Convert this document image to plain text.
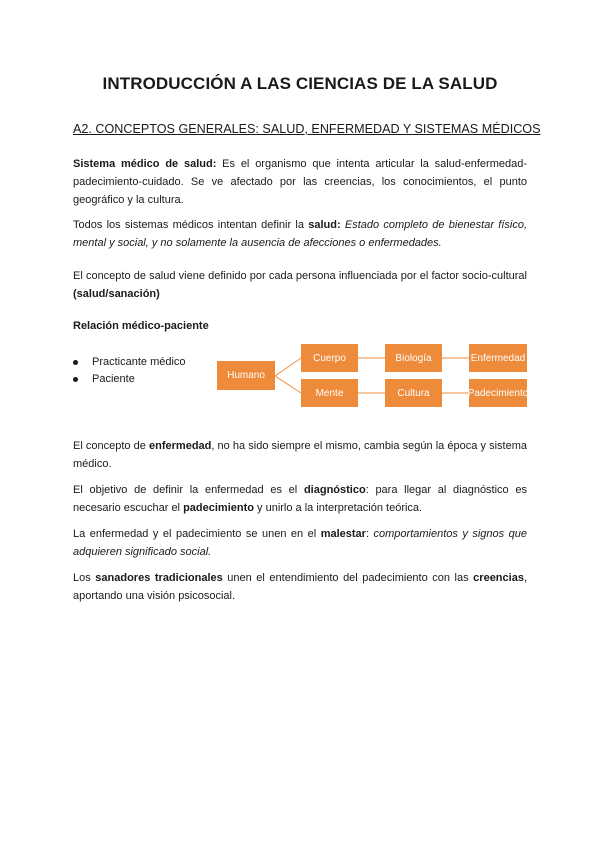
INTRODUCCIÓN A LAS CIENCIAS DE LA SALUD
A2. CONCEPTOS GENERALES: SALUD, ENFERMEDAD Y SISTEMAS MÉDICOS
Sistema médico de salud: Es el organismo que intenta articular la salud-enfermedad-padecimiento-cuidado. Se ve afectado por las creencias, los conocimientos, el punto geográfico y la cultura.
Todos los sistemas médicos intentan definir la salud: Estado completo de bienestar físico, mental y social, y no solamente la ausencia de afecciones o enfermedades.
El concepto de salud viene definido por cada persona influenciada por el factor socio-cultural (salud/sanación)
Relación médico-paciente
Practicante médico
Paciente	Humano
Cuerpo
Mente
Biología
Cultura
Enfermedad
Padecimiento
El concepto de enfermedad, no ha sido siempre el mismo, cambia según la época y sistema médico.
El objetivo de definir la enfermedad es el diagnóstico: para llegar al diagnóstico es necesario escuchar el padecimiento y unirlo a la interpretación teórica.
La enfermedad y el padecimiento se unen en el malestar: comportamientos y signos que adquieren significado social.
Los sanadores tradicionales unen el entendimiento del padecimiento con las creencias, aportando una visión psicosocial.
